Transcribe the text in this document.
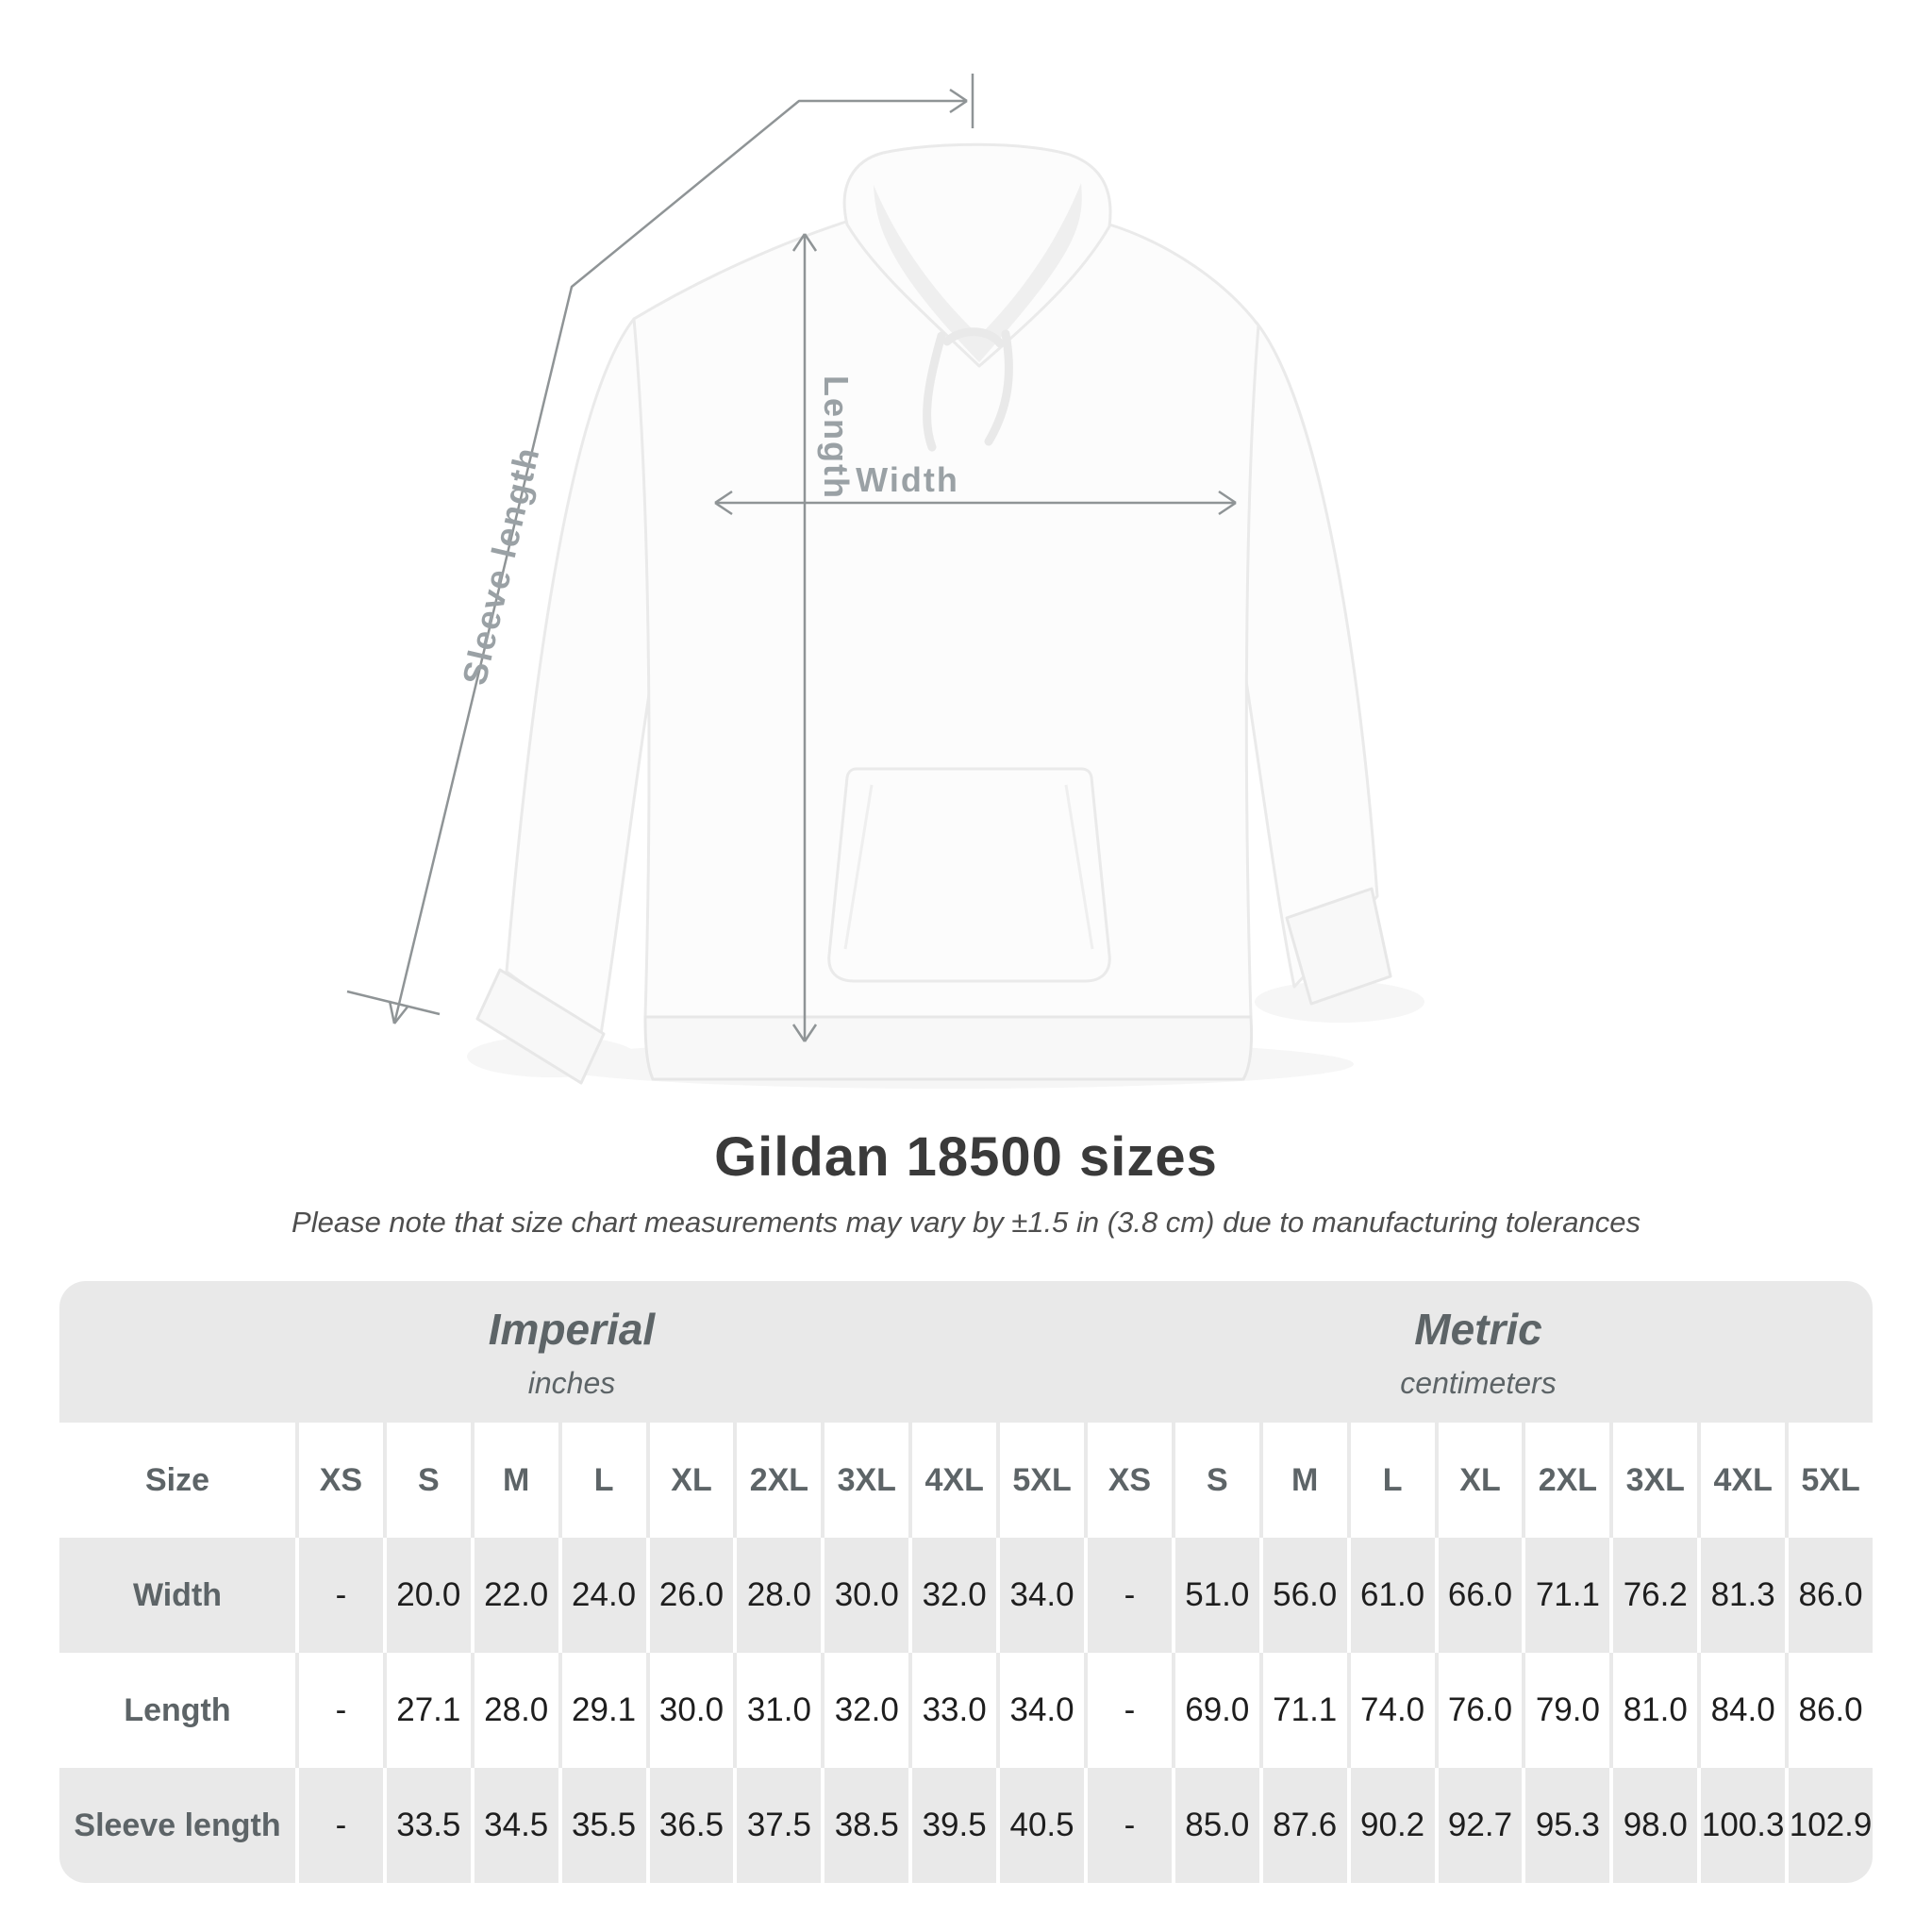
Length Width
Sleeve length
Gildan 18500 sizes
Please note that size chart measurements may vary by ±1.5 in (3.8 cm) due to manufacturing tolerances
Imperial
inches
Metric
centimeters
Size	XS	S	M	L	XL	2XL 3XL 4XL 5XL	XS	S	M	L	XL	2XL 3XL 4XL 5XL
Width	-	20.0 22.0 24.0 26.0 28.0 30.0 32.0 34.0	-	51.0 56.0 61.0 66.0 71.1 76.2 81.3 86.0
Length	-	27.1 28.0 29.1 30.0 31.0 32.0 33.0 34.0	-	69.0 71.1 74.0 76.0 79.0 81.0 84.0 86.0
Sleeve length	-	33.5 34.5 35.5 36.5 37.5 38.5 39.5 40.5	-	85.0 87.6 90.2 92.7 95.3 98.0 100.3 102.9
